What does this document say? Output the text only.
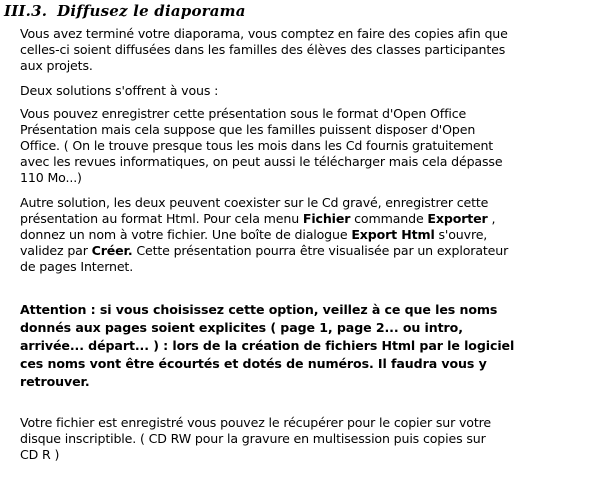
III.3. Diffusez le diaporama
Vous avez terminé votre diaporama, vous comptez en faire des copies afin que
celles-ci soient diffusées dans les familles des élèves des classes participantes
aux projets.
Deux solutions s'offrent à vous :
Vous pouvez enregistrer cette présentation sous le format d'Open Office
Présentation mais cela suppose que les familles puissent disposer d'Open
Office. ( On le trouve presque tous les mois dans les Cd fournis gratuitement
avec les revues informatiques, on peut aussi le télécharger mais cela dépasse
110 Mo...)
Autre solution, les deux peuvent coexister sur le Cd gravé, enregistrer cette
présentation au format Html. Pour cela menu Fichier commande Exporter ,
donnez un nom à votre fichier. Une boîte de dialogue Export Html s'ouvre,
validez par Créer. Cette présentation pourra être visualisée par un explorateur
de pages Internet.
Attention : si vous choisissez cette option, veillez à ce que les noms
donnés aux pages soient explicites ( page 1, page 2... ou intro,
arrivée... départ... ) : lors de la création de fichiers Html par le logiciel
ces noms vont être écourtés et dotés de numéros. Il faudra vous y
retrouver.
Votre fichier est enregistré vous pouvez le récupérer pour le copier sur votre
disque inscriptible. ( CD RW pour la gravure en multisession puis copies sur
CD R )
